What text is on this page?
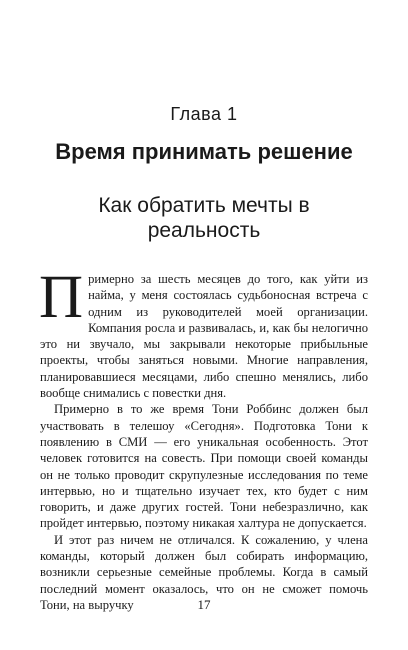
Глава 1
Время принимать решение
Как обратить мечты в реальность

Примерно за шесть месяцев до того, как уйти из найма, у меня состоялась судьбоносная встреча с одним из руководителей моей организации. Компания росла и развивалась, и, как бы нелогично это ни звучало, мы закрывали некоторые прибыльные проекты, чтобы заняться новыми. Многие направления, планировавшиеся месяцами, либо спешно менялись, либо вообще снимались с повестки дня.

Примерно в то же время Тони Роббинс должен был участвовать в телешоу «Сегодня». Подготовка Тони к появлению в СМИ — его уникальная особенность. Этот человек готовится на совесть. При помощи своей команды он не только проводит скрупулезные исследования по теме интервью, но и тщательно изучает тех, кто будет с ним говорить, и даже других гостей. Тони небезразлично, как пройдет интервью, поэтому никакая халтура не допускается.

И этот раз ничем не отличался. К сожалению, у члена команды, который должен был собирать информацию, возникли серьезные семейные проблемы. Когда в самый последний момент оказалось, что он не сможет помочь Тони, на выручку	17
